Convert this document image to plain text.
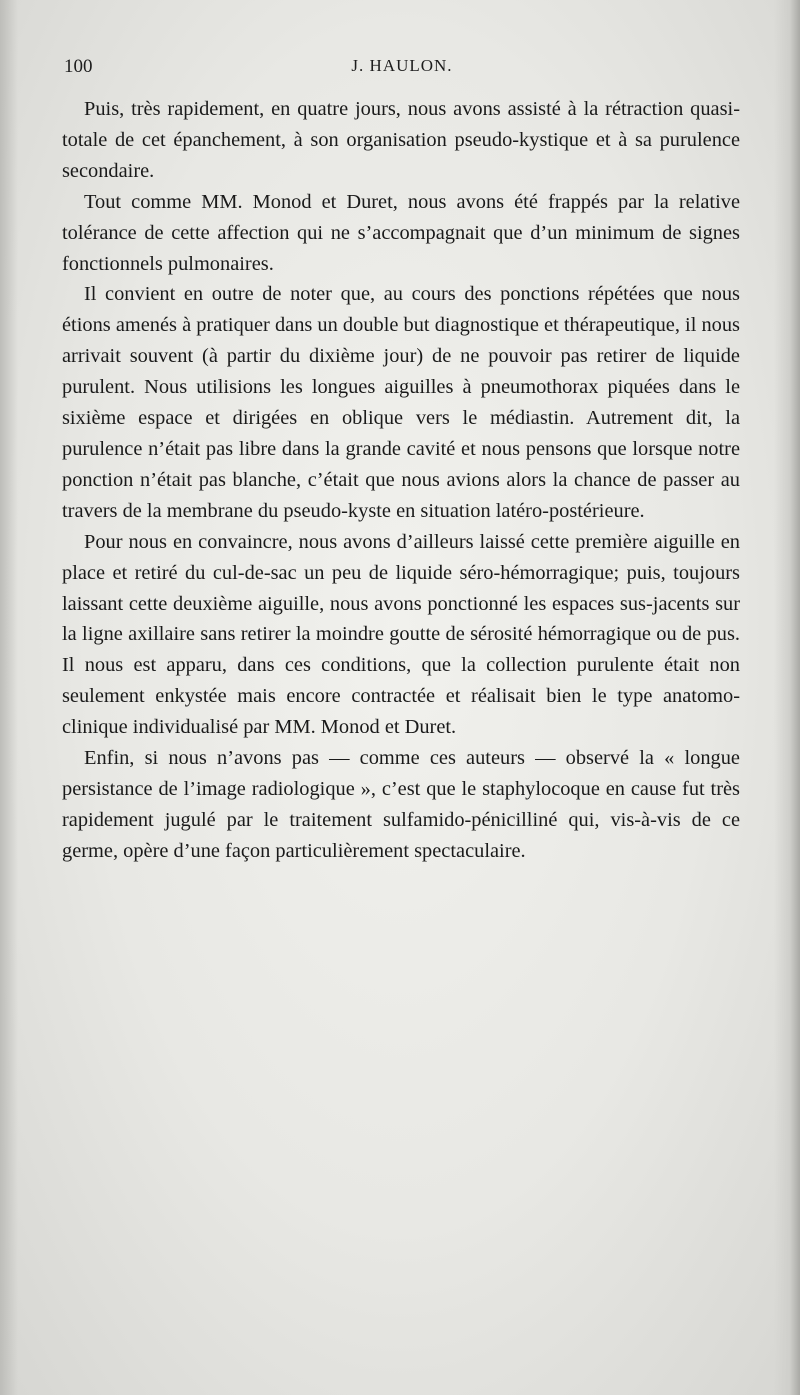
100	J. HAULON.

Puis, très rapidement, en quatre jours, nous avons assisté à la rétraction quasi-totale de cet épanchement, à son organisation pseudo-kystique et à sa purulence secondaire.

Tout comme MM. Monod et Duret, nous avons été frappés par la relative tolérance de cette affection qui ne s’accompagnait que d’un minimum de signes fonctionnels pulmonaires.

Il convient en outre de noter que, au cours des ponctions répétées que nous étions amenés à pratiquer dans un double but diagnostique et thérapeutique, il nous arrivait souvent (à partir du dixième jour) de ne pouvoir pas retirer de liquide purulent. Nous utilisions les longues aiguilles à pneumothorax piquées dans le sixième espace et dirigées en oblique vers le médiastin. Autrement dit, la purulence n’était pas libre dans la grande cavité et nous pensons que lorsque notre ponction n’était pas blanche, c’était que nous avions alors la chance de passer au travers de la membrane du pseudo-kyste en situation latéro-postérieure.

Pour nous en convaincre, nous avons d’ailleurs laissé cette première aiguille en place et retiré du cul-de-sac un peu de liquide séro-hémorragique; puis, toujours laissant cette deuxième aiguille, nous avons ponctionné les espaces sus-jacents sur la ligne axillaire sans retirer la moindre goutte de sérosité hémorragique ou de pus. Il nous est apparu, dans ces conditions, que la collection purulente était non seulement enkystée mais encore contractée et réalisait bien le type anatomo-clinique individualisé par MM. Monod et Duret.

Enfin, si nous n’avons pas — comme ces auteurs — observé la « longue persistance de l’image radiologique », c’est que le staphylocoque en cause fut très rapidement jugulé par le traitement sulfamido-pénicilliné qui, vis-à-vis de ce germe, opère d’une façon particulièrement spectaculaire.
